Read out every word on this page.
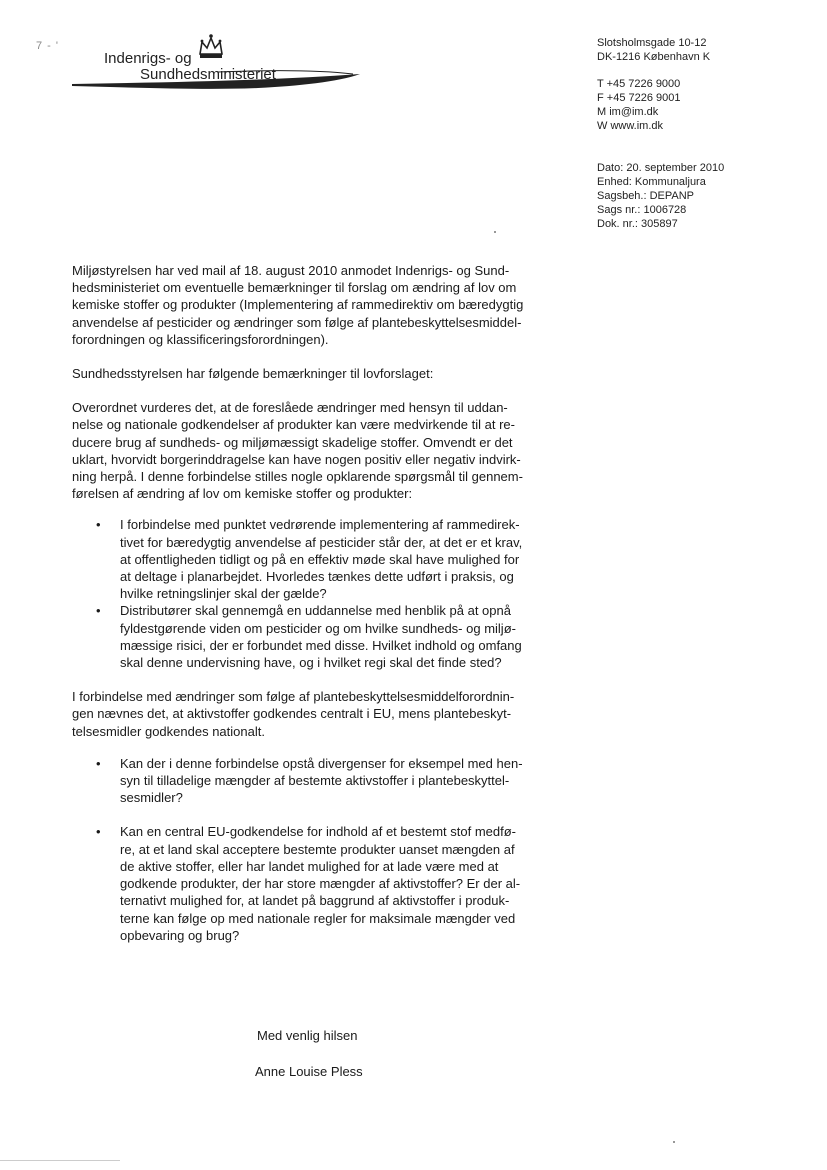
7 - '
Indenrigs- og
Sundhedsministeriet
Slotsholmsgade 10-12
DK-1216 København K
T +45 7226 9000
F +45 7226 9001
M im@im.dk
W www.im.dk
Dato: 20. september 2010
Enhed: Kommunaljura
Sagsbeh.: DEPANP
Sags nr.: 1006728
Dok. nr.: 305897
Miljøstyrelsen har ved mail af 18. august 2010 anmodet Indenrigs- og Sund-
hedsministeriet om eventuelle bemærkninger til forslag om ændring af lov om
kemiske stoffer og produkter (Implementering af rammedirektiv om bæredygtig
anvendelse af pesticider og ændringer som følge af plantebeskyttelsesmiddel-
forordningen og klassificeringsforordningen).
Sundhedsstyrelsen har følgende bemærkninger til lovforslaget:
Overordnet vurderes det, at de foreslåede ændringer med hensyn til uddan-
nelse og nationale godkendelser af produkter kan være medvirkende til at re-
ducere brug af sundheds- og miljømæssigt skadelige stoffer. Omvendt er det
uklart, hvorvidt borgerinddragelse kan have nogen positiv eller negativ indvirk-
ning herpå. I denne forbindelse stilles nogle opklarende spørgsmål til gennem-
førelsen af ændring af lov om kemiske stoffer og produkter:
• I forbindelse med punktet vedrørende implementering af rammedirek-
tivet for bæredygtig anvendelse af pesticider står der, at det er et krav,
at offentligheden tidligt og på en effektiv møde skal have mulighed for
at deltage i planarbejdet. Hvorledes tænkes dette udført i praksis, og
hvilke retningslinjer skal der gælde?
• Distributører skal gennemgå en uddannelse med henblik på at opnå
fyldestgørende viden om pesticider og om hvilke sundheds- og miljø-
mæssige risici, der er forbundet med disse. Hvilket indhold og omfang
skal denne undervisning have, og i hvilket regi skal det finde sted?
I forbindelse med ændringer som følge af plantebeskyttelsesmiddelforordnin-
gen nævnes det, at aktivstoffer godkendes centralt i EU, mens plantebeskyt-
telsesmidler godkendes nationalt.
• Kan der i denne forbindelse opstå divergenser for eksempel med hen-
syn til tilladelige mængder af bestemte aktivstoffer i plantebeskyttel-
sesmidler?
• Kan en central EU-godkendelse for indhold af et bestemt stof medfø-
re, at et land skal acceptere bestemte produkter uanset mængden af
de aktive stoffer, eller har landet mulighed for at lade være med at
godkende produkter, der har store mængder af aktivstoffer? Er der al-
ternativt mulighed for, at landet på baggrund af aktivstoffer i produk-
terne kan følge op med nationale regler for maksimale mængder ved
opbevaring og brug?
Med venlig hilsen
Anne Louise Pless
